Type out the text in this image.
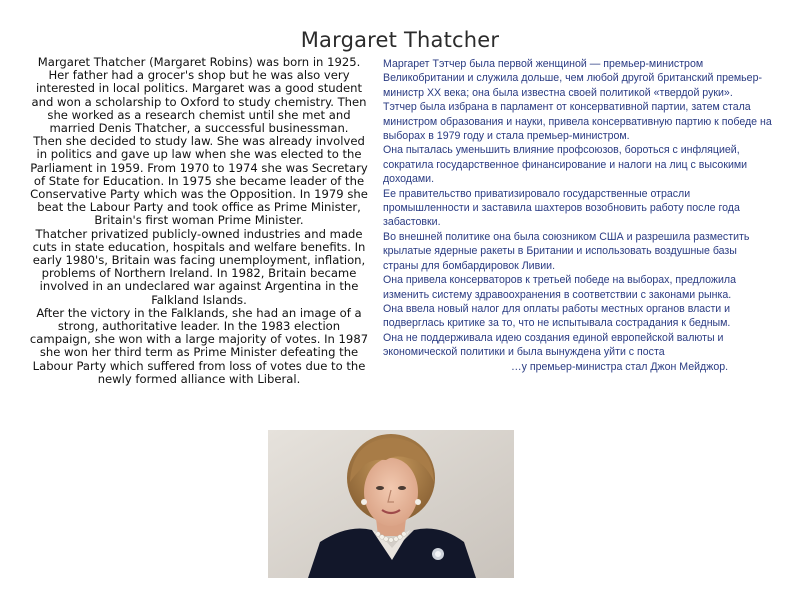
Margaret Thatcher

Margaret Thatcher (Margaret Robins) was born in 1925. Her father had a grocer's shop but he was also very interested in local politics. Margaret was a good student and won a scholarship to Oxford to study chemistry. Then she worked as a research chemist until she met and married Denis Thatcher, a successful businessman.

Then she decided to study law. She was already involved in politics and gave up law when she was elected to the Parliament in 1959. From 1970 to 1974 she was Secretary of State for Education. In 1975 she became leader of the Conservative Party which was the Opposition. In 1979 she beat the Labour Party and took office as Prime Minister, Britain's first woman Prime Minister.

Thatcher privatized publicly-owned industries and made cuts in state education, hospitals and welfare benefits. In early 1980's, Britain was facing unemployment, inflation, problems of Northern Ireland. In 1982, Britain became involved in an undeclared war against Argentina in the Falkland Islands.

After the victory in the Falklands, she had an image of a strong, authoritative leader. In the 1983 election campaign, she won with a large majority of votes. In 1987 she won her third term as Prime Minister defeating the Labour Party which suffered from loss of votes due to the newly formed alliance with Liberal.

Маргарет Тэтчер была первой женщиной — премьер-министром Великобритании и служила дольше, чем любой другой британский премьер-министр XX века; она была известна своей политикой «твердой руки».

Тэтчер была избрана в парламент от консервативной партии, затем стала министром образования и науки, привела консервативную партию к победе на выборах в 1979 году и стала премьер-министром.

Она пыталась уменьшить влияние профсоюзов, бороться с инфляцией, сократила государственное финансирование и налоги на лиц с высокими доходами.

Ее правительство приватизировало государственные отрасли промышленности и заставила шахтеров возобновить работу после года забастовки.

Во внешней политике она была союзником США и разрешила разместить крылатые ядерные ракеты в Британии и использовать воздушные базы страны для бомбардировок Ливии.

Она привела консерваторов к третьей победе на выборах, предложила изменить систему здравоохранения в соответствии с законами рынка.

Она ввела новый налог для оплаты работы местных органов власти и подверглась критике за то, что не испытывала сострадания к бедным.

Она не поддерживала идею создания единой европейской валюты и экономической политики и была вынуждена уйти с поста

…у премьер-министра стал Джон Мейджор.
